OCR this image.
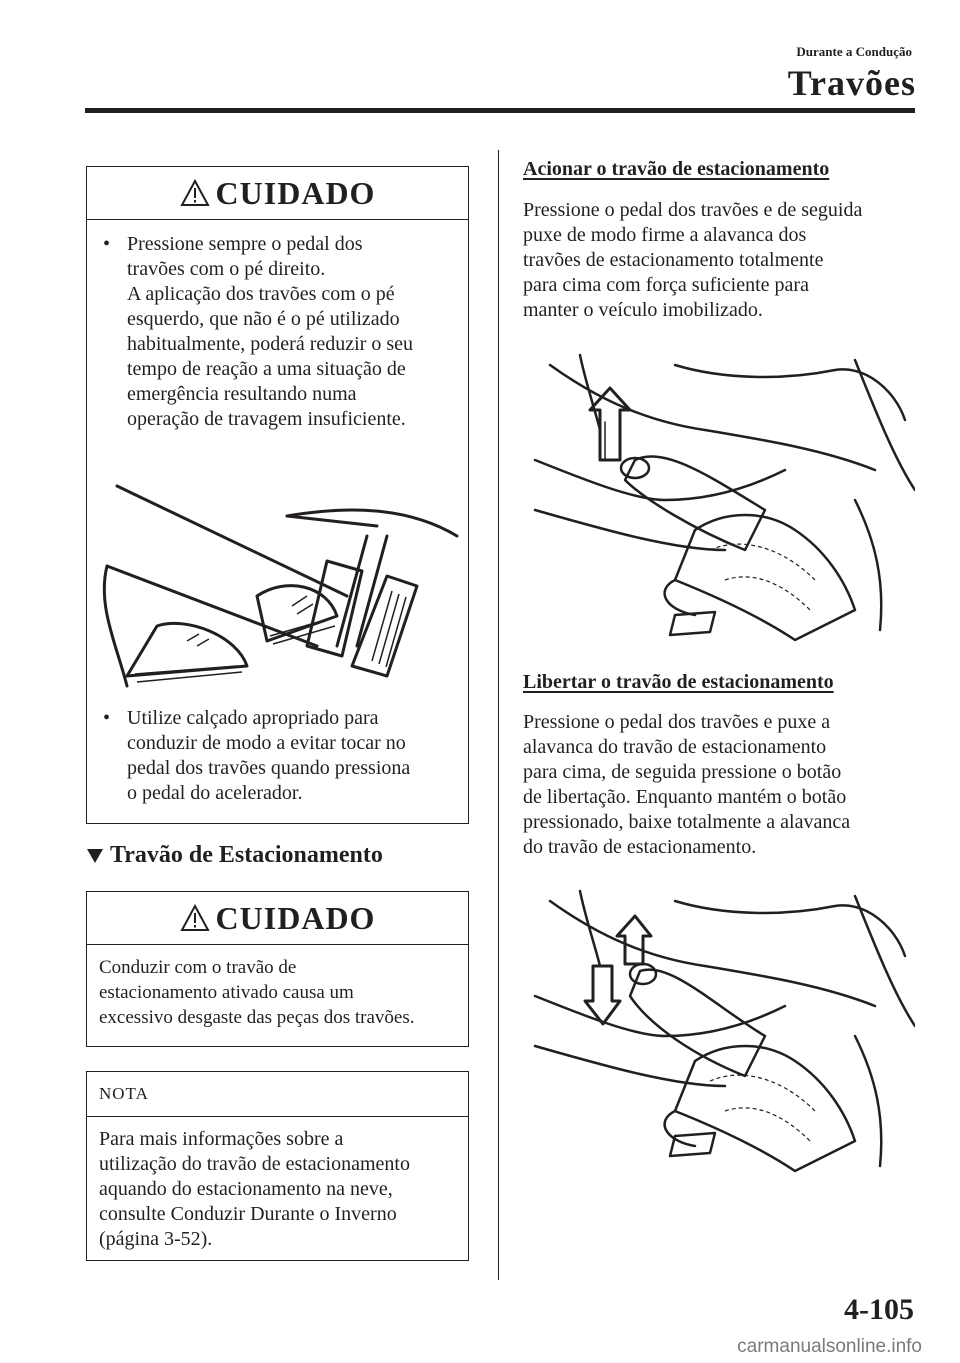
Durante a Condução
Travões
CUIDADO
• Pressione sempre o pedal dos
travões com o pé direito.
A aplicação dos travões com o pé
esquerdo, que não é o pé utilizado
habitualmente, poderá reduzir o seu
tempo de reação a uma situação de
emergência resultando numa
operação de travagem insuficiente.
• Utilize calçado apropriado para
conduzir de modo a evitar tocar no
pedal dos travões quando pressiona
o pedal do acelerador.
Travão de Estacionamento
CUIDADO
Conduzir com o travão de
estacionamento ativado causa um
excessivo desgaste das peças dos travões.
NOTA
Para mais informações sobre a
utilização do travão de estacionamento
aquando do estacionamento na neve,
consulte Conduzir Durante o Inverno
(página 3-52).
Acionar o travão de estacionamento
Pressione o pedal dos travões e de seguida
puxe de modo firme a alavanca dos
travões de estacionamento totalmente
para cima com força suficiente para
manter o veículo imobilizado.
Libertar o travão de estacionamento
Pressione o pedal dos travões e puxe a
alavanca do travão de estacionamento
para cima, de seguida pressione o botão
de libertação. Enquanto mantém o botão
pressionado, baixe totalmente a alavanca
do travão de estacionamento.
4-105
carmanualsonline.info
